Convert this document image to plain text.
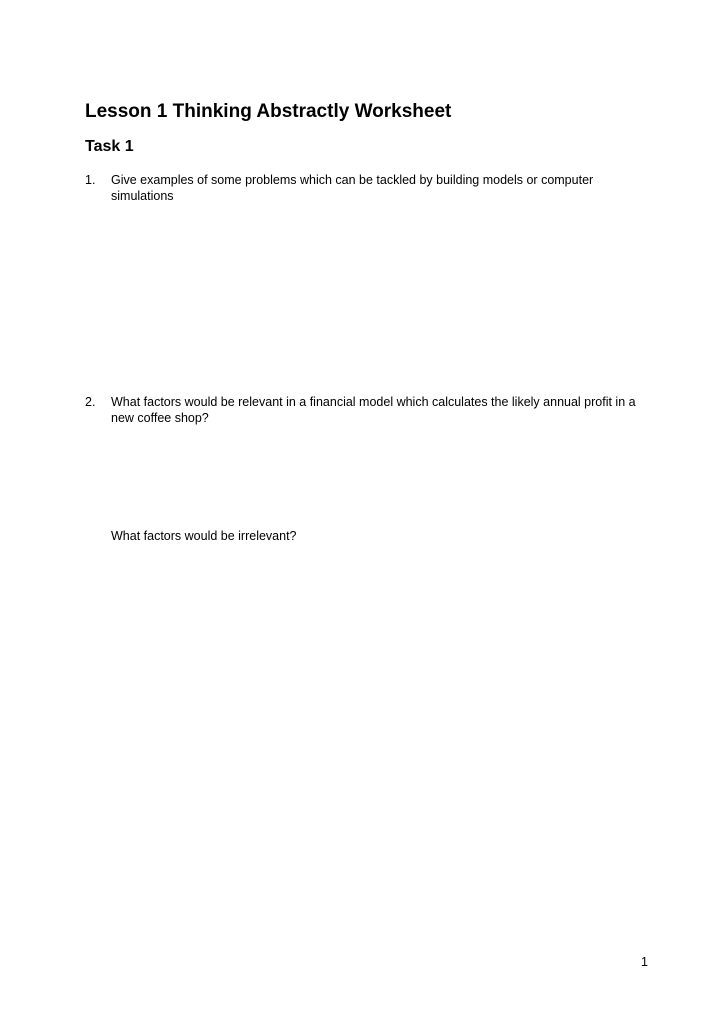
Lesson 1 Thinking Abstractly Worksheet
Task 1
1. Give examples of some problems which can be tackled by building models or computer simulations
2. What factors would be relevant in a financial model which calculates the likely annual profit in a new coffee shop?
What factors would be irrelevant?
1
